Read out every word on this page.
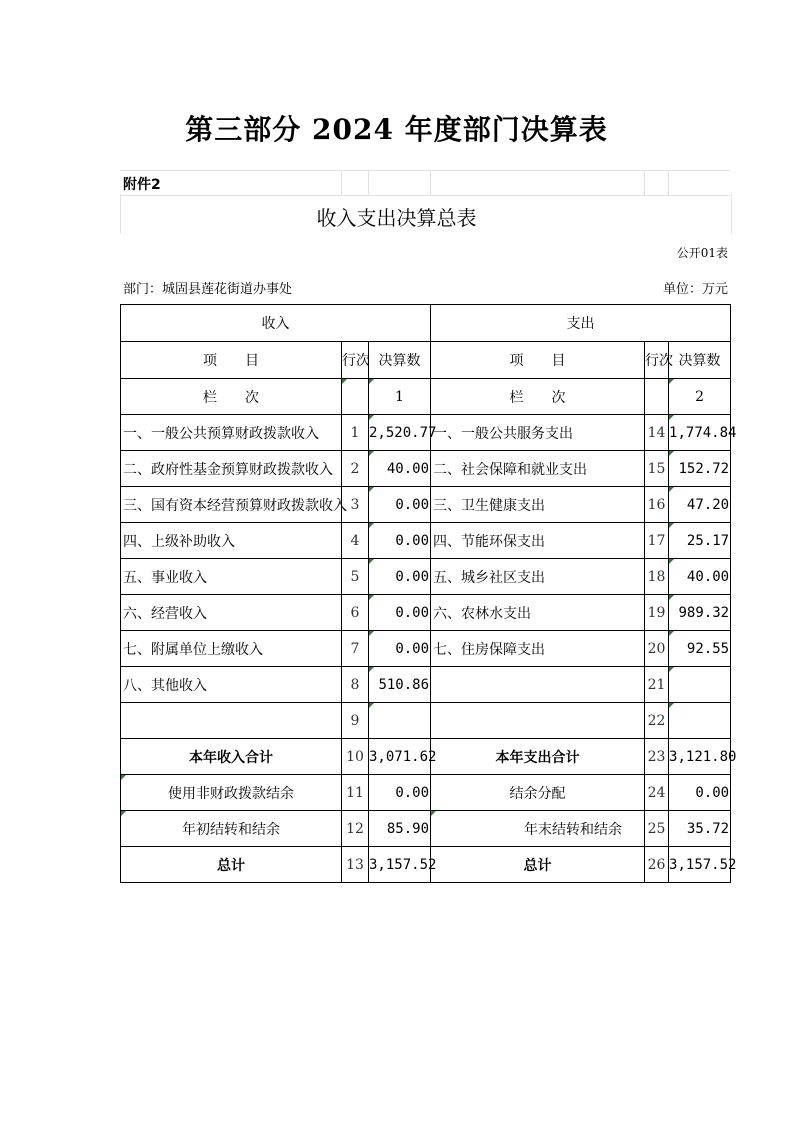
第三部分 2024 年度部门决算表
附件2
收入支出决算总表
公开01表
部门：城固县莲花街道办事处	单位：万元
收入			支出		
项　　目	行次	决算数	项　　目	行次	决算数
栏　　次		1	栏　　次		2
一、一般公共预算财政拨款收入	1	2,520.77	一、一般公共服务支出	14	1,774.84
二、政府性基金预算财政拨款收入	2	40.00	二、社会保障和就业支出	15	152.72
三、国有资本经营预算财政拨款收入	3	0.00	三、卫生健康支出	16	47.20
四、上级补助收入	4	0.00	四、节能环保支出	17	25.17
五、事业收入	5	0.00	五、城乡社区支出	18	40.00
六、经营收入	6	0.00	六、农林水支出	19	989.32
七、附属单位上缴收入	7	0.00	七、住房保障支出	20	92.55
八、其他收入	8	510.86		21	
	9			22	
本年收入合计	10	3,071.62	本年支出合计	23	3,121.80
使用非财政拨款结余	11	0.00	结余分配	24	0.00
年初结转和结余	12	85.90	年末结转和结余	25	35.72
总计	13	3,157.52	总计	26	3,157.52
